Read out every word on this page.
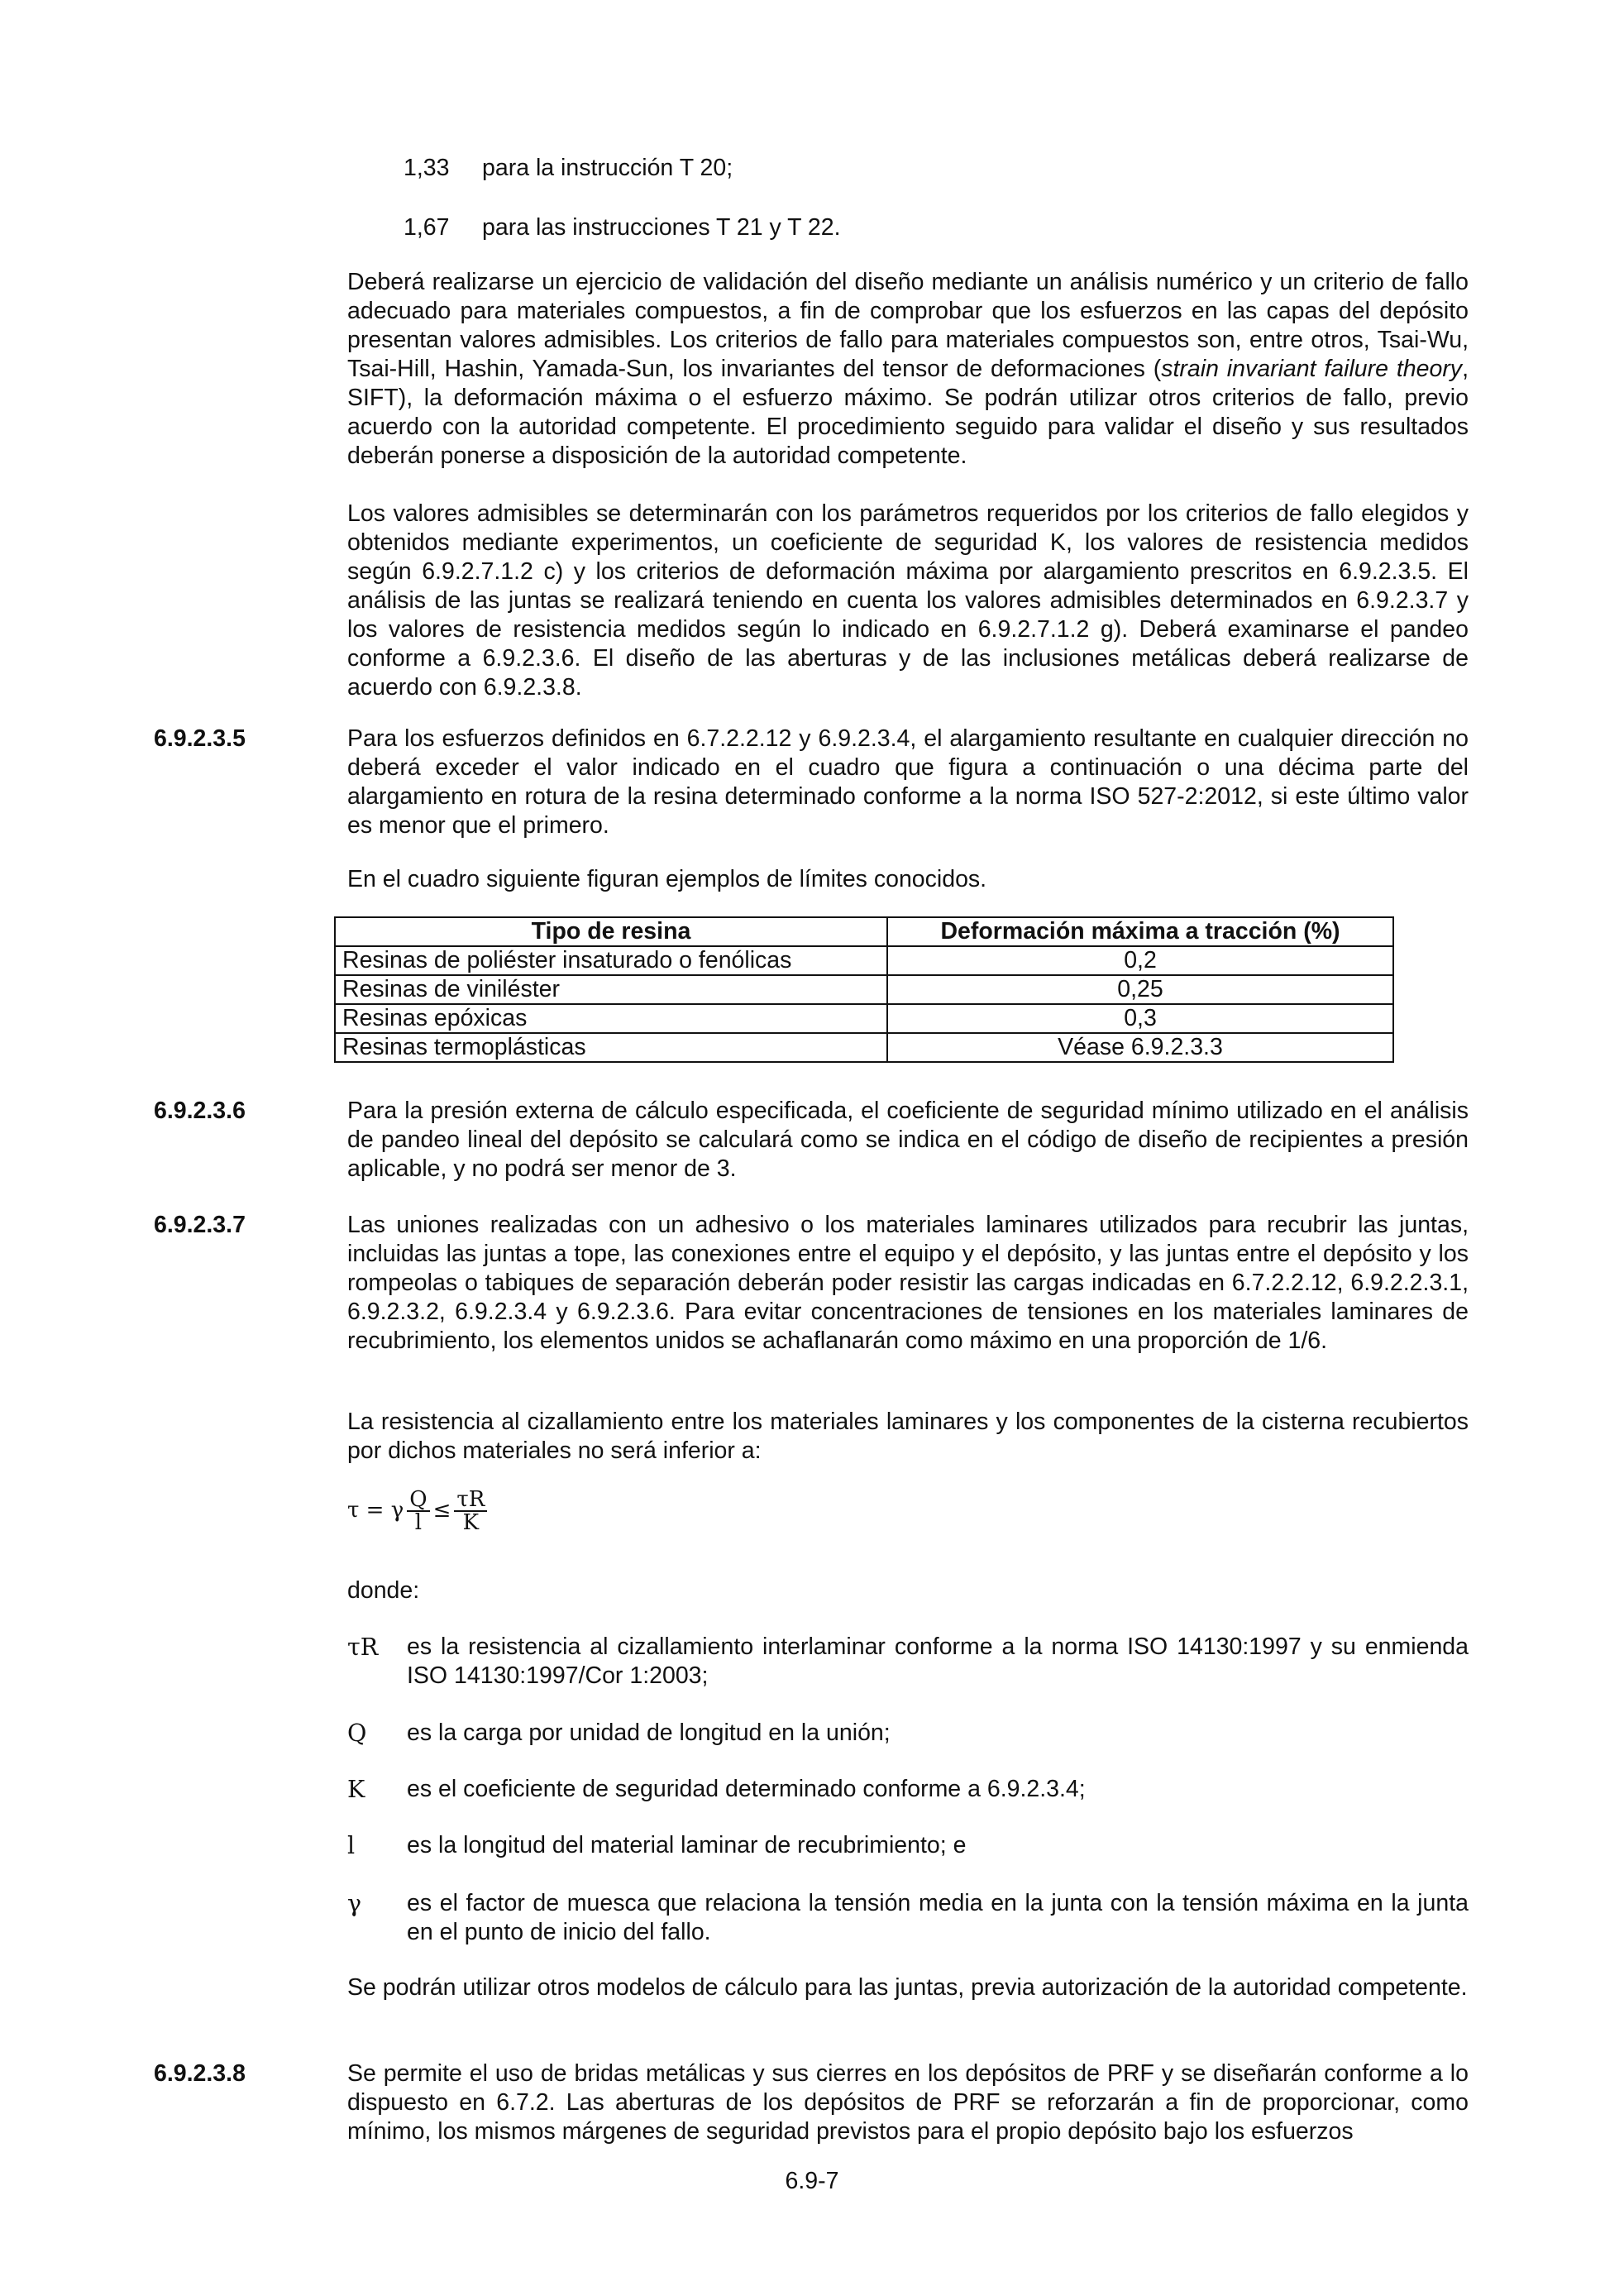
1,33 para la instrucción T 20;

1,67 para las instrucciones T 21 y T 22.

Deberá realizarse un ejercicio de validación del diseño mediante un análisis numérico y un criterio de fallo adecuado para materiales compuestos, a fin de comprobar que los esfuerzos en las capas del depósito presentan valores admisibles. Los criterios de fallo para materiales compuestos son, entre otros, Tsai-Wu, Tsai-Hill, Hashin, Yamada-Sun, los invariantes del tensor de deformaciones (strain invariant failure theory, SIFT), la deformación máxima o el esfuerzo máximo. Se podrán utilizar otros criterios de fallo, previo acuerdo con la autoridad competente. El procedimiento seguido para validar el diseño y sus resultados deberán ponerse a disposición de la autoridad competente.

Los valores admisibles se determinarán con los parámetros requeridos por los criterios de fallo elegidos y obtenidos mediante experimentos, un coeficiente de seguridad K, los valores de resistencia medidos según 6.9.2.7.1.2 c) y los criterios de deformación máxima por alargamiento prescritos en 6.9.2.3.5. El análisis de las juntas se realizará teniendo en cuenta los valores admisibles determinados en 6.9.2.3.7 y los valores de resistencia medidos según lo indicado en 6.9.2.7.1.2 g). Deberá examinarse el pandeo conforme a 6.9.2.3.6. El diseño de las aberturas y de las inclusiones metálicas deberá realizarse de acuerdo con 6.9.2.3.8.

6.9.2.3.5	Para los esfuerzos definidos en 6.7.2.2.12 y 6.9.2.3.4, el alargamiento resultante en cualquier dirección no deberá exceder el valor indicado en el cuadro que figura a continuación o una décima parte del alargamiento en rotura de la resina determinado conforme a la norma ISO 527-2:2012, si este último valor es menor que el primero.

En el cuadro siguiente figuran ejemplos de límites conocidos.

Tipo de resina	Deformación máxima a tracción (%)
Resinas de poliéster insaturado o fenólicas	0,2
Resinas de viniléster	0,25
Resinas epóxicas	0,3
Resinas termoplásticas	Véase 6.9.2.3.3

6.9.2.3.6	Para la presión externa de cálculo especificada, el coeficiente de seguridad mínimo utilizado en el análisis de pandeo lineal del depósito se calculará como se indica en el código de diseño de recipientes a presión aplicable, y no podrá ser menor de 3.

6.9.2.3.7	Las uniones realizadas con un adhesivo o los materiales laminares utilizados para recubrir las juntas, incluidas las juntas a tope, las conexiones entre el equipo y el depósito, y las juntas entre el depósito y los rompeolas o tabiques de separación deberán poder resistir las cargas indicadas en 6.7.2.2.12, 6.9.2.2.3.1, 6.9.2.3.2, 6.9.2.3.4 y 6.9.2.3.6. Para evitar concentraciones de tensiones en los materiales laminares de recubrimiento, los elementos unidos se achaflanarán como máximo en una proporción de 1/6.

La resistencia al cizallamiento entre los materiales laminares y los componentes de la cisterna recubiertos por dichos materiales no será inferior a:

τ = γ $\frac{Q}{l} \le \frac{\tau R}{K}$

donde:

τR es la resistencia al cizallamiento interlaminar conforme a la norma ISO 14130:1997 y su enmienda ISO 14130:1997/Cor 1:2003;

Q es la carga por unidad de longitud en la unión;

K es el coeficiente de seguridad determinado conforme a 6.9.2.3.4;

l es la longitud del material laminar de recubrimiento; e

γ es el factor de muesca que relaciona la tensión media en la junta con la tensión máxima en la junta en el punto de inicio del fallo.

Se podrán utilizar otros modelos de cálculo para las juntas, previa autorización de la autoridad competente.

6.9.2.3.8	Se permite el uso de bridas metálicas y sus cierres en los depósitos de PRF y se diseñarán conforme a lo dispuesto en 6.7.2. Las aberturas de los depósitos de PRF se reforzarán a fin de proporcionar, como mínimo, los mismos márgenes de seguridad previstos para el propio depósito bajo los esfuerzos

6.9-7
